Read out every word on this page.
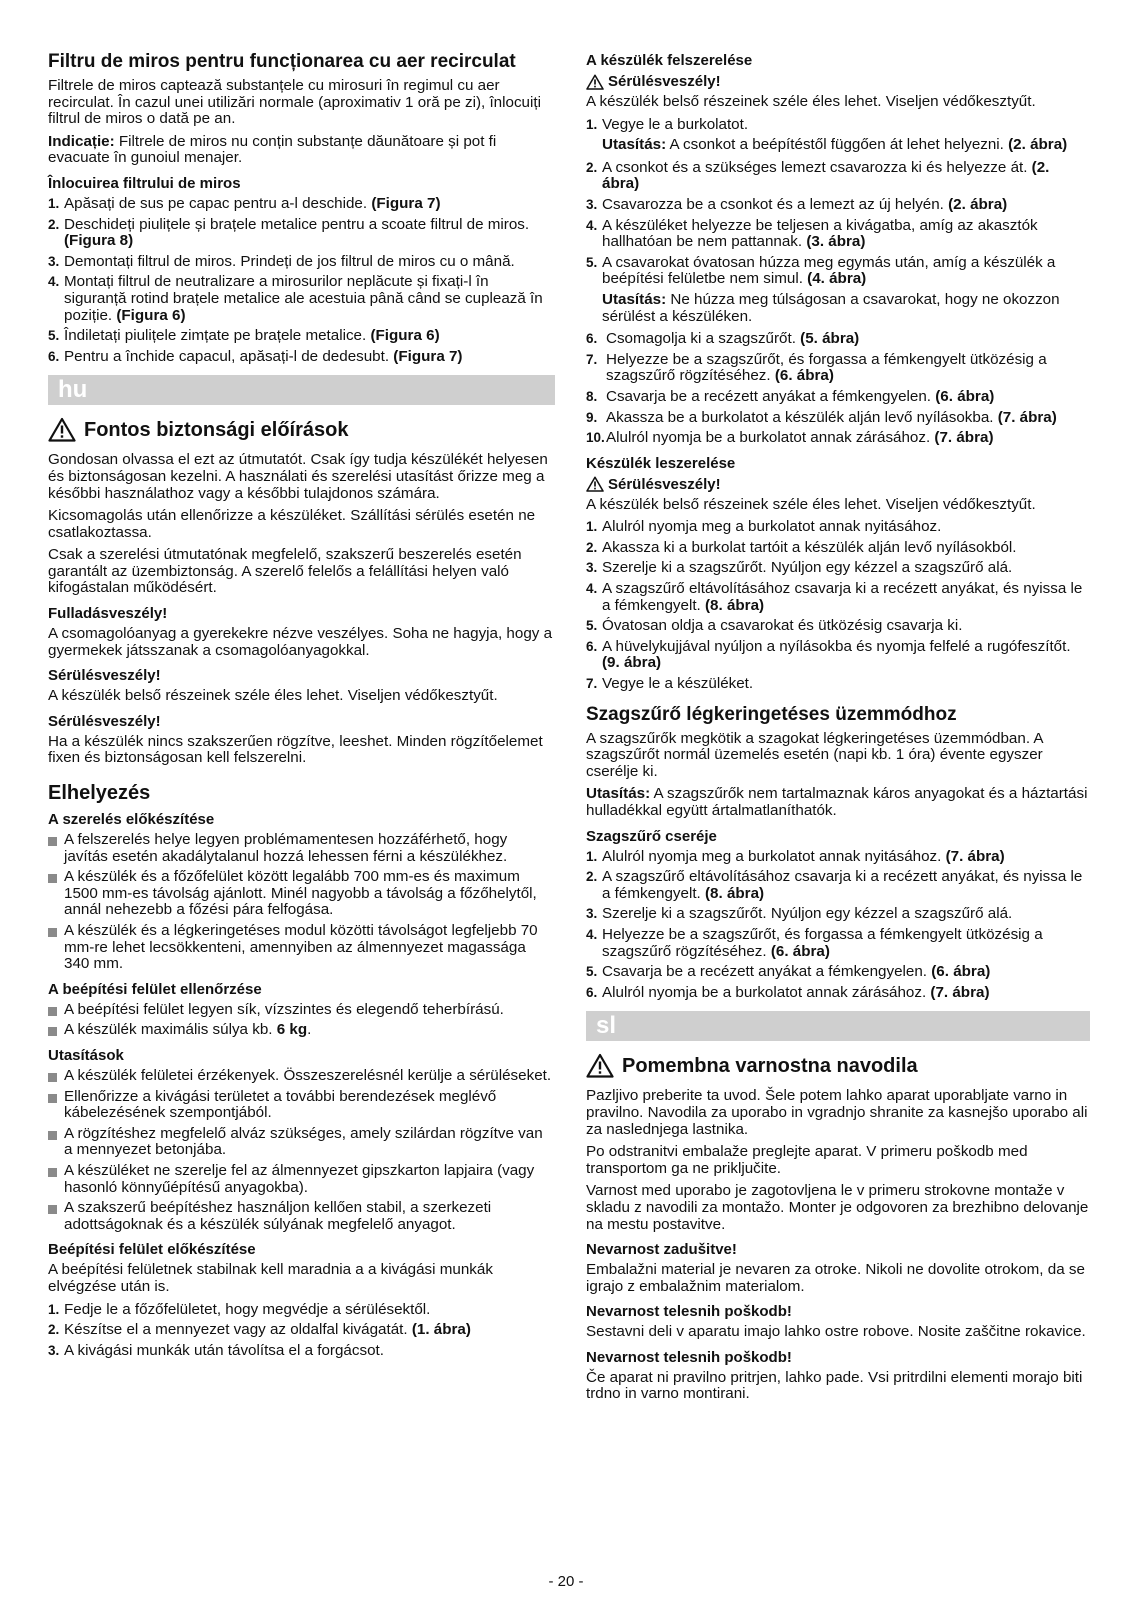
Filtru de miros pentru funcționarea cu aer recirculat
Filtrele de miros captează substanțele cu mirosuri în regimul cu aer recirculat. În cazul unei utilizări normale (aproximativ 1 oră pe zi), înlocuiți filtrul de miros o dată pe an.
Indicație: Filtrele de miros nu conțin substanțe dăunătoare și pot fi evacuate în gunoiul menajer.
Înlocuirea filtrului de miros
1. Apăsați de sus pe capac pentru a-l deschide. (Figura 7)
2. Deschideți piulițele și brațele metalice pentru a scoate filtrul de miros. (Figura 8)
3. Demontați filtrul de miros. Prindeți de jos filtrul de miros cu o mână.
4. Montați filtrul de neutralizare a mirosurilor neplăcute și fixați-l în siguranță rotind brațele metalice ale acestuia până când se cuplează în poziție. (Figura 6)
5. Îndiletați piulițele zimțate pe brațele metalice. (Figura 6)
6. Pentru a închide capacul, apăsați-l de dedesubt. (Figura 7)
hu
Fontos biztonsági előírások
Gondosan olvassa el ezt az útmutatót. Csak így tudja készülékét helyesen és biztonságosan kezelni. A használati és szerelési utasítást őrizze meg a későbbi használathoz vagy a későbbi tulajdonos számára.
Kicsomagolás után ellenőrizze a készüléket. Szállítási sérülés esetén ne csatlakoztassa.
Csak a szerelési útmutatónak megfelelő, szakszerű beszerelés esetén garantált az üzembiztonság. A szerelő felelős a felállítási helyen való kifogástalan működésért.
Fulladásveszély!
A csomagolóanyag a gyerekekre nézve veszélyes. Soha ne hagyja, hogy a gyermekek játsszanak a csomagolóanyagokkal.
Sérülésveszély!
A készülék belső részeinek széle éles lehet. Viseljen védőkesztyűt.
Sérülésveszély!
Ha a készülék nincs szakszerűen rögzítve, leeshet. Minden rögzítőelemet fixen és biztonságosan kell felszerelni.
Elhelyezés
A szerelés előkészítése
A felszerelés helye legyen problémamentesen hozzáférhető, hogy javítás esetén akadálytalanul hozzá lehessen férni a készülékhez.
A készülék és a főzőfelület között legalább 700 mm-es és maximum 1500 mm-es távolság ajánlott. Minél nagyobb a távolság a főzőhelytől, annál nehezebb a főzési pára felfogása.
A készülék és a légkeringetéses modul közötti távolságot legfeljebb 70 mm-re lehet lecsökkenteni, amennyiben az álmennyezet magassága 340 mm.
A beépítési felület ellenőrzése
A beépítési felület legyen sík, vízszintes és elegendő teherbírású.
A készülék maximális súlya kb. 6 kg.
Utasítások
A készülék felületei érzékenyek. Összeszerelésnél kerülje a sérüléseket.
Ellenőrizze a kivágási területet a további berendezések meglévő kábelezésének szempontjából.
A rögzítéshez megfelelő alváz szükséges, amely szilárdan rögzítve van a mennyezet betonjába.
A készüléket ne szerelje fel az álmennyezet gipszkarton lapjaira (vagy hasonló könnyűépítésű anyagokba).
A szakszerű beépítéshez használjon kellően stabil, a szerkezeti adottságoknak és a készülék súlyának megfelelő anyagot.
Beépítési felület előkészítése
A beépítési felületnek stabilnak kell maradnia a a kivágási munkák elvégzése után is.
1. Fedje le a főzőfelületet, hogy megvédje a sérülésektől.
2. Készítse el a mennyezet vagy az oldalfal kivágatát. (1. ábra)
3. A kivágási munkák után távolítsa el a forgácsot.
A készülék felszerelése
Sérülésveszély!
A készülék belső részeinek széle éles lehet. Viseljen védőkesztyűt.
1. Vegye le a burkolatot.
Utasítás: A csonkot a beépítéstől függően át lehet helyezni. (2. ábra)
2. A csonkot és a szükséges lemezt csavarozza ki és helyezze át. (2. ábra)
3. Csavarozza be a csonkot és a lemezt az új helyén. (2. ábra)
4. A készüléket helyezze be teljesen a kivágatba, amíg az akasztók hallhatóan be nem pattannak. (3. ábra)
5. A csavarokat óvatosan húzza meg egymás után, amíg a készülék a beépítési felületbe nem simul. (4. ábra)
Utasítás: Ne húzza meg túlságosan a csavarokat, hogy ne okozzon sérülést a készüléken.
6. Csomagolja ki a szagszűrőt. (5. ábra)
7. Helyezze be a szagszűrőt, és forgassa a fémkengyelt ütközésig a szagszűrő rögzítéséhez. (6. ábra)
8. Csavarja be a recézett anyákat a fémkengyelen. (6. ábra)
9. Akassza be a burkolatot a készülék alján levő nyílásokba. (7. ábra)
10. Alulról nyomja be a burkolatot annak zárásához. (7. ábra)
Készülék leszerelése
Sérülésveszély!
A készülék belső részeinek széle éles lehet. Viseljen védőkesztyűt.
1. Alulról nyomja meg a burkolatot annak nyitásához.
2. Akassza ki a burkolat tartóit a készülék alján levő nyílásokból.
3. Szerelje ki a szagszűrőt. Nyúljon egy kézzel a szagszűrő alá.
4. A szagszűrő eltávolításához csavarja ki a recézett anyákat, és nyissa le a fémkengyelt. (8. ábra)
5. Óvatosan oldja a csavarokat és ütközésig csavarja ki.
6. A hüvelykujjával nyúljon a nyílásokba és nyomja felfelé a rugófeszítőt. (9. ábra)
7. Vegye le a készüléket.
Szagszűrő légkeringetéses üzemmódhoz
A szagszűrők megkötik a szagokat légkeringetéses üzemmódban. A szagszűrőt normál üzemelés esetén (napi kb. 1 óra) évente egyszer cserélje ki.
Utasítás: A szagszűrők nem tartalmaznak káros anyagokat és a háztartási hulladékkal együtt ártalmatlaníthatók.
Szagszűrő cseréje
1. Alulról nyomja meg a burkolatot annak nyitásához. (7. ábra)
2. A szagszűrő eltávolításához csavarja ki a recézett anyákat, és nyissa le a fémkengyelt. (8. ábra)
3. Szerelje ki a szagszűrőt. Nyúljon egy kézzel a szagszűrő alá.
4. Helyezze be a szagszűrőt, és forgassa a fémkengyelt ütközésig a szagszűrő rögzítéséhez. (6. ábra)
5. Csavarja be a recézett anyákat a fémkengyelen. (6. ábra)
6. Alulról nyomja be a burkolatot annak zárásához. (7. ábra)
sl
Pomembna varnostna navodila
Pazljivo preberite ta uvod. Šele potem lahko aparat uporabljate varno in pravilno. Navodila za uporabo in vgradnjo shranite za kasnejšo uporabo ali za naslednjega lastnika.
Po odstranitvi embalaže preglejte aparat. V primeru poškodb med transportom ga ne priključite.
Varnost med uporabo je zagotovljena le v primeru strokovne montaže v skladu z navodili za montažo. Monter je odgovoren za brezhibno delovanje na mestu postavitve.
Nevarnost zadušitve!
Embalažni material je nevaren za otroke. Nikoli ne dovolite otrokom, da se igrajo z embalažnim materialom.
Nevarnost telesnih poškodb!
Sestavni deli v aparatu imajo lahko ostre robove. Nosite zaščitne rokavice.
Nevarnost telesnih poškodb!
Če aparat ni pravilno pritrjen, lahko pade. Vsi pritrdilni elementi morajo biti trdno in varno montirani.
- 20 -
